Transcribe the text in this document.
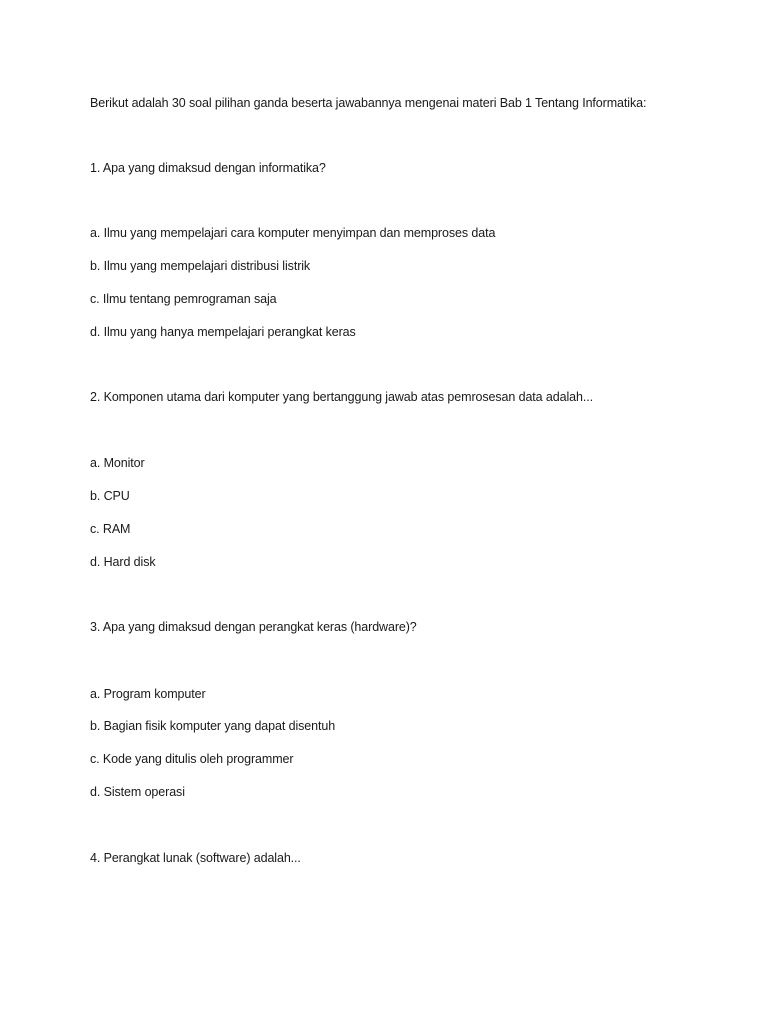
Berikut adalah 30 soal pilihan ganda beserta jawabannya mengenai materi Bab 1 Tentang Informatika:
1. Apa yang dimaksud dengan informatika?
a. Ilmu yang mempelajari cara komputer menyimpan dan memproses data
b. Ilmu yang mempelajari distribusi listrik
c. Ilmu tentang pemrograman saja
d. Ilmu yang hanya mempelajari perangkat keras
2. Komponen utama dari komputer yang bertanggung jawab atas pemrosesan data adalah...
a. Monitor
b. CPU
c. RAM
d. Hard disk
3. Apa yang dimaksud dengan perangkat keras (hardware)?
a. Program komputer
b. Bagian fisik komputer yang dapat disentuh
c. Kode yang ditulis oleh programmer
d. Sistem operasi
4. Perangkat lunak (software) adalah...
